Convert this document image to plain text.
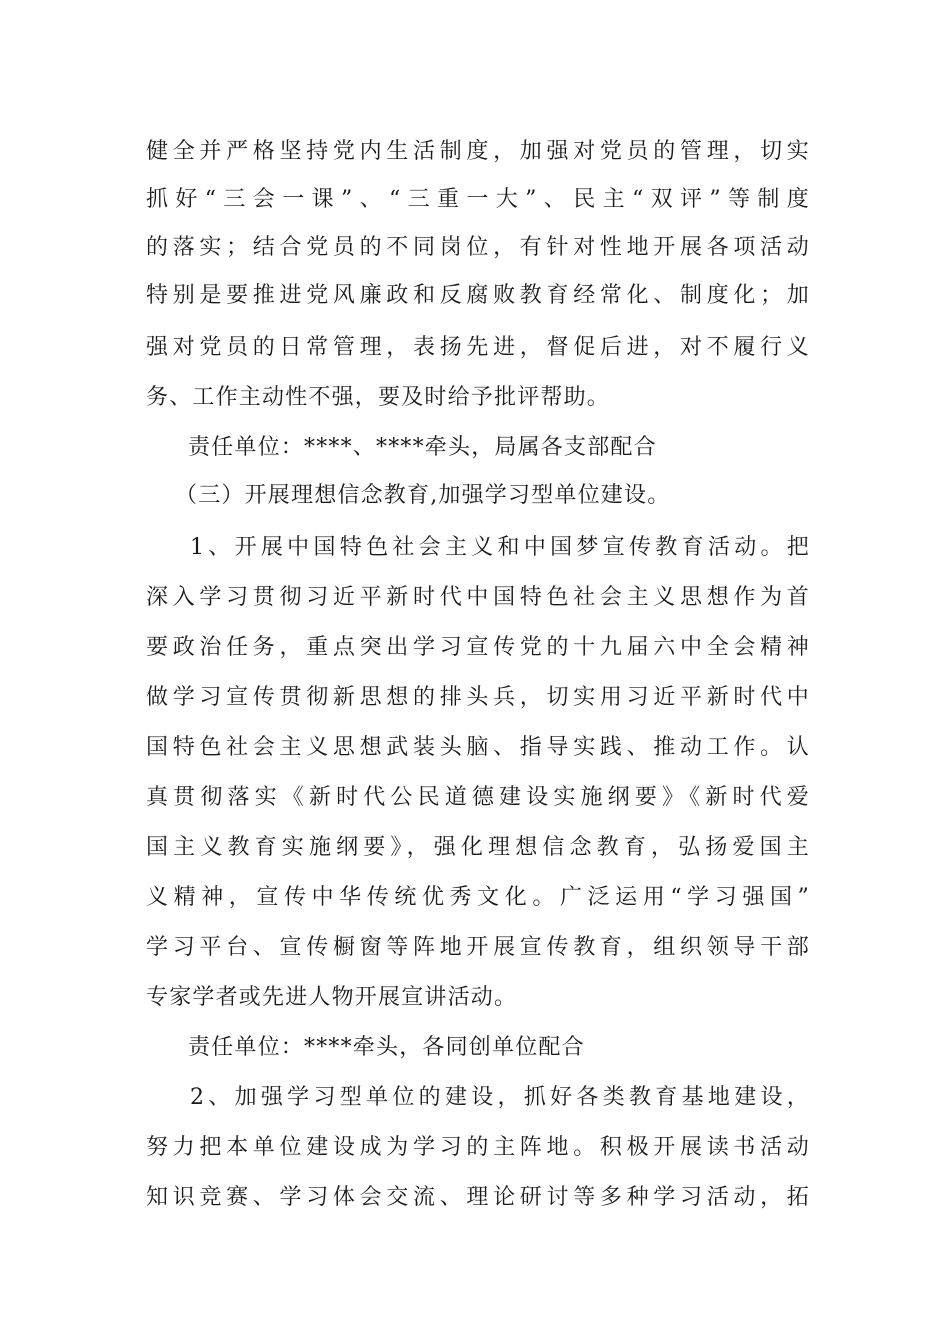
健全并严格坚持党内生活制度，加强对党员的管理，切实
抓好“三会一课”、“三重一大”、民主“双评”等制度
的落实；结合党员的不同岗位，有针对性地开展各项活动
特别是要推进党风廉政和反腐败教育经常化、制度化；加
强对党员的日常管理，表扬先进，督促后进，对不履行义
务、工作主动性不强，要及时给予批评帮助。
责任单位：****、****牵头，局属各支部配合
（三）开展理想信念教育,加强学习型单位建设。
1、开展中国特色社会主义和中国梦宣传教育活动。把
深入学习贯彻习近平新时代中国特色社会主义思想作为首
要政治任务，重点突出学习宣传党的十九届六中全会精神
做学习宣传贯彻新思想的排头兵，切实用习近平新时代中
国特色社会主义思想武装头脑、指导实践、推动工作。认
真贯彻落实《新时代公民道德建设实施纲要》《新时代爱
国主义教育实施纲要》，强化理想信念教育，弘扬爱国主
义精神，宣传中华传统优秀文化。广泛运用“学习强国”
学习平台、宣传橱窗等阵地开展宣传教育，组织领导干部
专家学者或先进人物开展宣讲活动。
责任单位：****牵头，各同创单位配合
2、加强学习型单位的建设，抓好各类教育基地建设，
努力把本单位建设成为学习的主阵地。积极开展读书活动
知识竞赛、学习体会交流、理论研讨等多种学习活动，拓
